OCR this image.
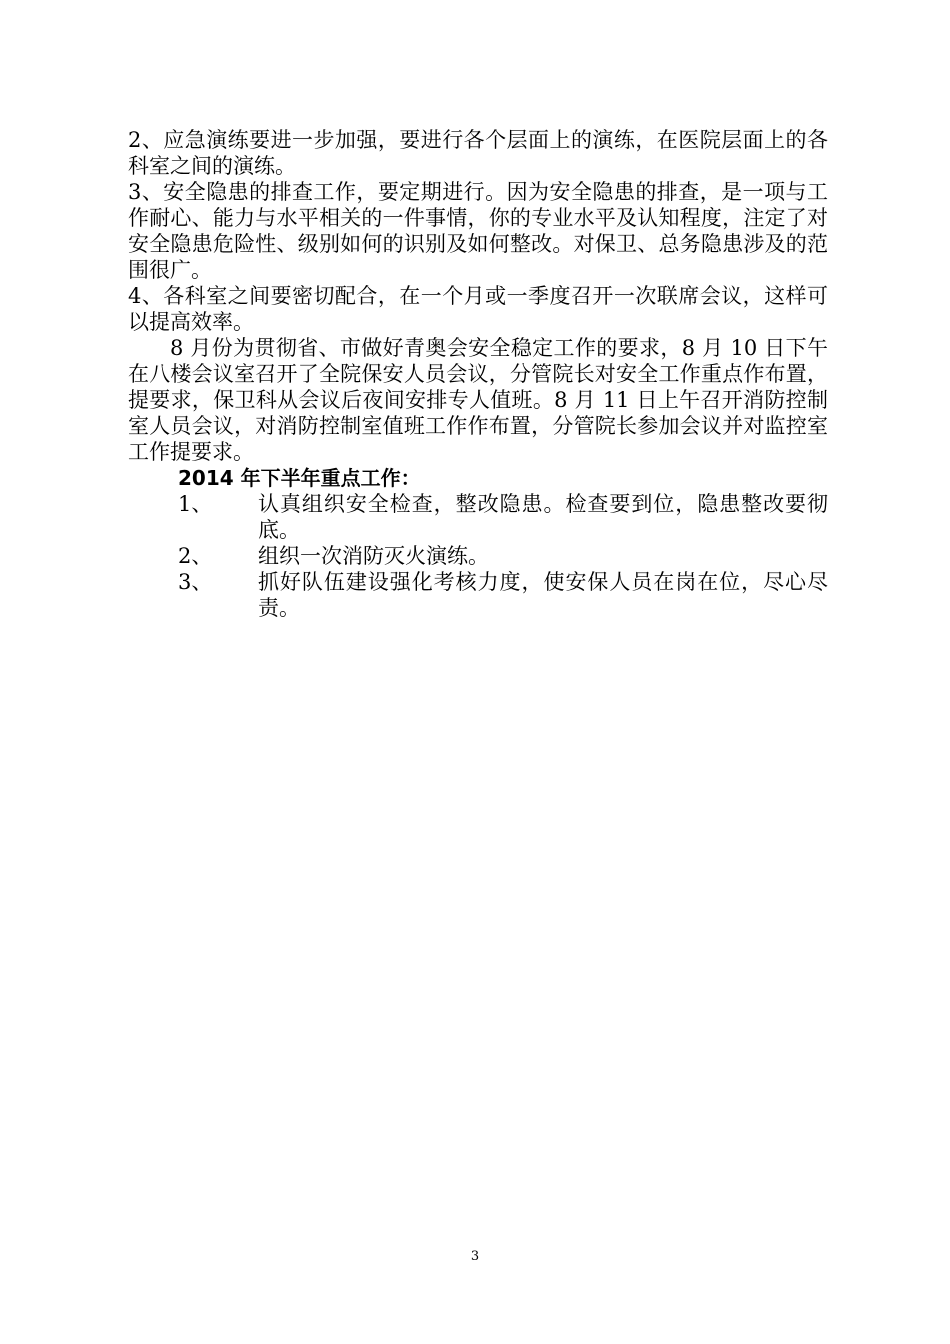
2、应急演练要进一步加强，要进行各个层面上的演练，在医院层面上的各科室之间的演练。

3、安全隐患的排查工作，要定期进行。因为安全隐患的排查，是一项与工作耐心、能力与水平相关的一件事情，你的专业水平及认知程度，注定了对安全隐患危险性、级别如何的识别及如何整改。对保卫、总务隐患涉及的范围很广。

4、各科室之间要密切配合，在一个月或一季度召开一次联席会议，这样可以提高效率。

8 月份为贯彻省、市做好青奥会安全稳定工作的要求，8 月 10 日下午在八楼会议室召开了全院保安人员会议，分管院长对安全工作重点作布置，提要求，保卫科从会议后夜间安排专人值班。8 月 11 日上午召开消防控制室人员会议，对消防控制室值班工作作布置，分管院长参加会议并对监控室工作提要求。

2014 年下半年重点工作：

1、	认真组织安全检查，整改隐患。检查要到位，隐患整改要彻底。
2、	组织一次消防灭火演练。
3、	抓好队伍建设强化考核力度，使安保人员在岗在位，尽心尽责。
3
